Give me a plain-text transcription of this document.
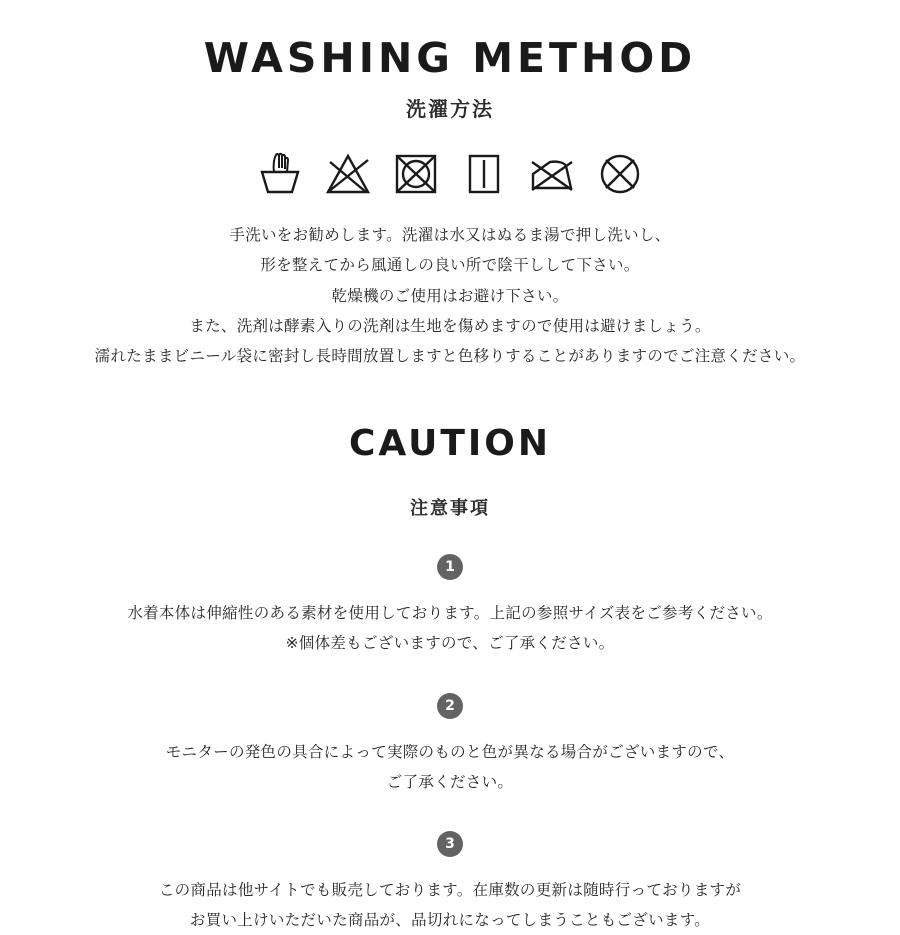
WASHING METHOD
洗濯方法
手洗いをお勧めします。洗濯は水又はぬるま湯で押し洗いし、
形を整えてから風通しの良い所で陰干しして下さい。
乾燥機のご使用はお避け下さい。
また、洗剤は酵素入りの洗剤は生地を傷めますので使用は避けましょう。
濡れたままビニール袋に密封し長時間放置しますと色移りすることがありますのでご注意ください。
CAUTION
注意事項
1
水着本体は伸縮性のある素材を使用しております。上記の参照サイズ表をご参考ください。
※個体差もございますので、ご了承ください。
2
モニターの発色の具合によって実際のものと色が異なる場合がございますので、
ご了承ください。
3
この商品は他サイトでも販売しております。在庫数の更新は随時行っておりますが
お買い上けいただいた商品が、品切れになってしまうこともございます。
